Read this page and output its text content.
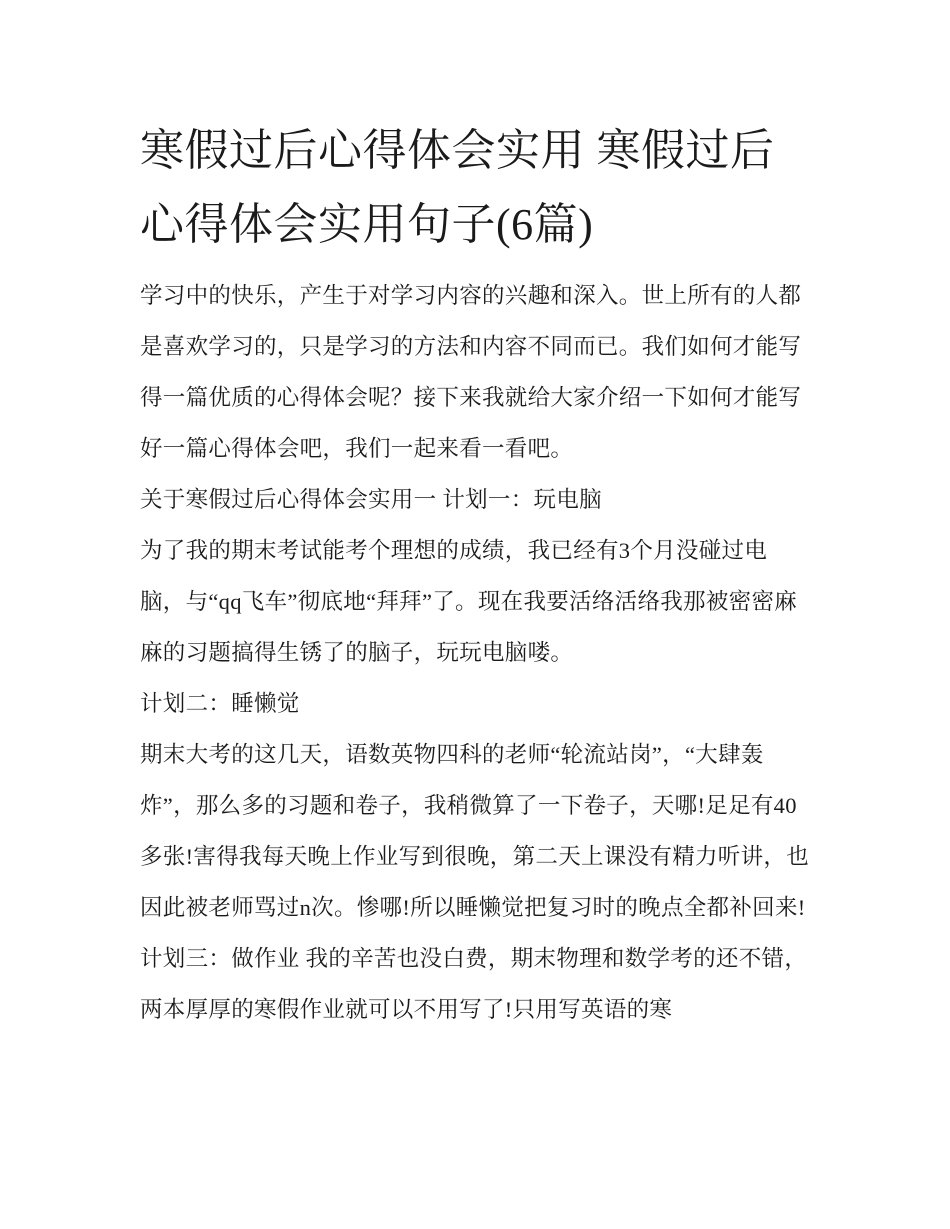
寒假过后心得体会实用 寒假过后心得体会实用句子(6篇)

学习中的快乐，产生于对学习内容的兴趣和深入。世上所有的人都是喜欢学习的，只是学习的方法和内容不同而已。我们如何才能写得一篇优质的心得体会呢？接下来我就给大家介绍一下如何才能写好一篇心得体会吧，我们一起来看一看吧。

关于寒假过后心得体会实用一 计划一：玩电脑

为了我的期末考试能考个理想的成绩，我已经有3个月没碰过电脑，与“qq飞车”彻底地“拜拜”了。现在我要活络活络我那被密密麻麻的习题搞得生锈了的脑子，玩玩电脑喽。

计划二：睡懒觉

期末大考的这几天，语数英物四科的老师“轮流站岗”，“大肆轰炸”，那么多的习题和卷子，我稍微算了一下卷子，天哪!足足有40多张!害得我每天晚上作业写到很晚，第二天上课没有精力听讲，也因此被老师骂过n次。惨哪!所以睡懒觉把复习时的晚点全都补回来!

计划三：做作业 我的辛苦也没白费，期末物理和数学考的还不错，两本厚厚的寒假作业就可以不用写了!只用写英语的寒
